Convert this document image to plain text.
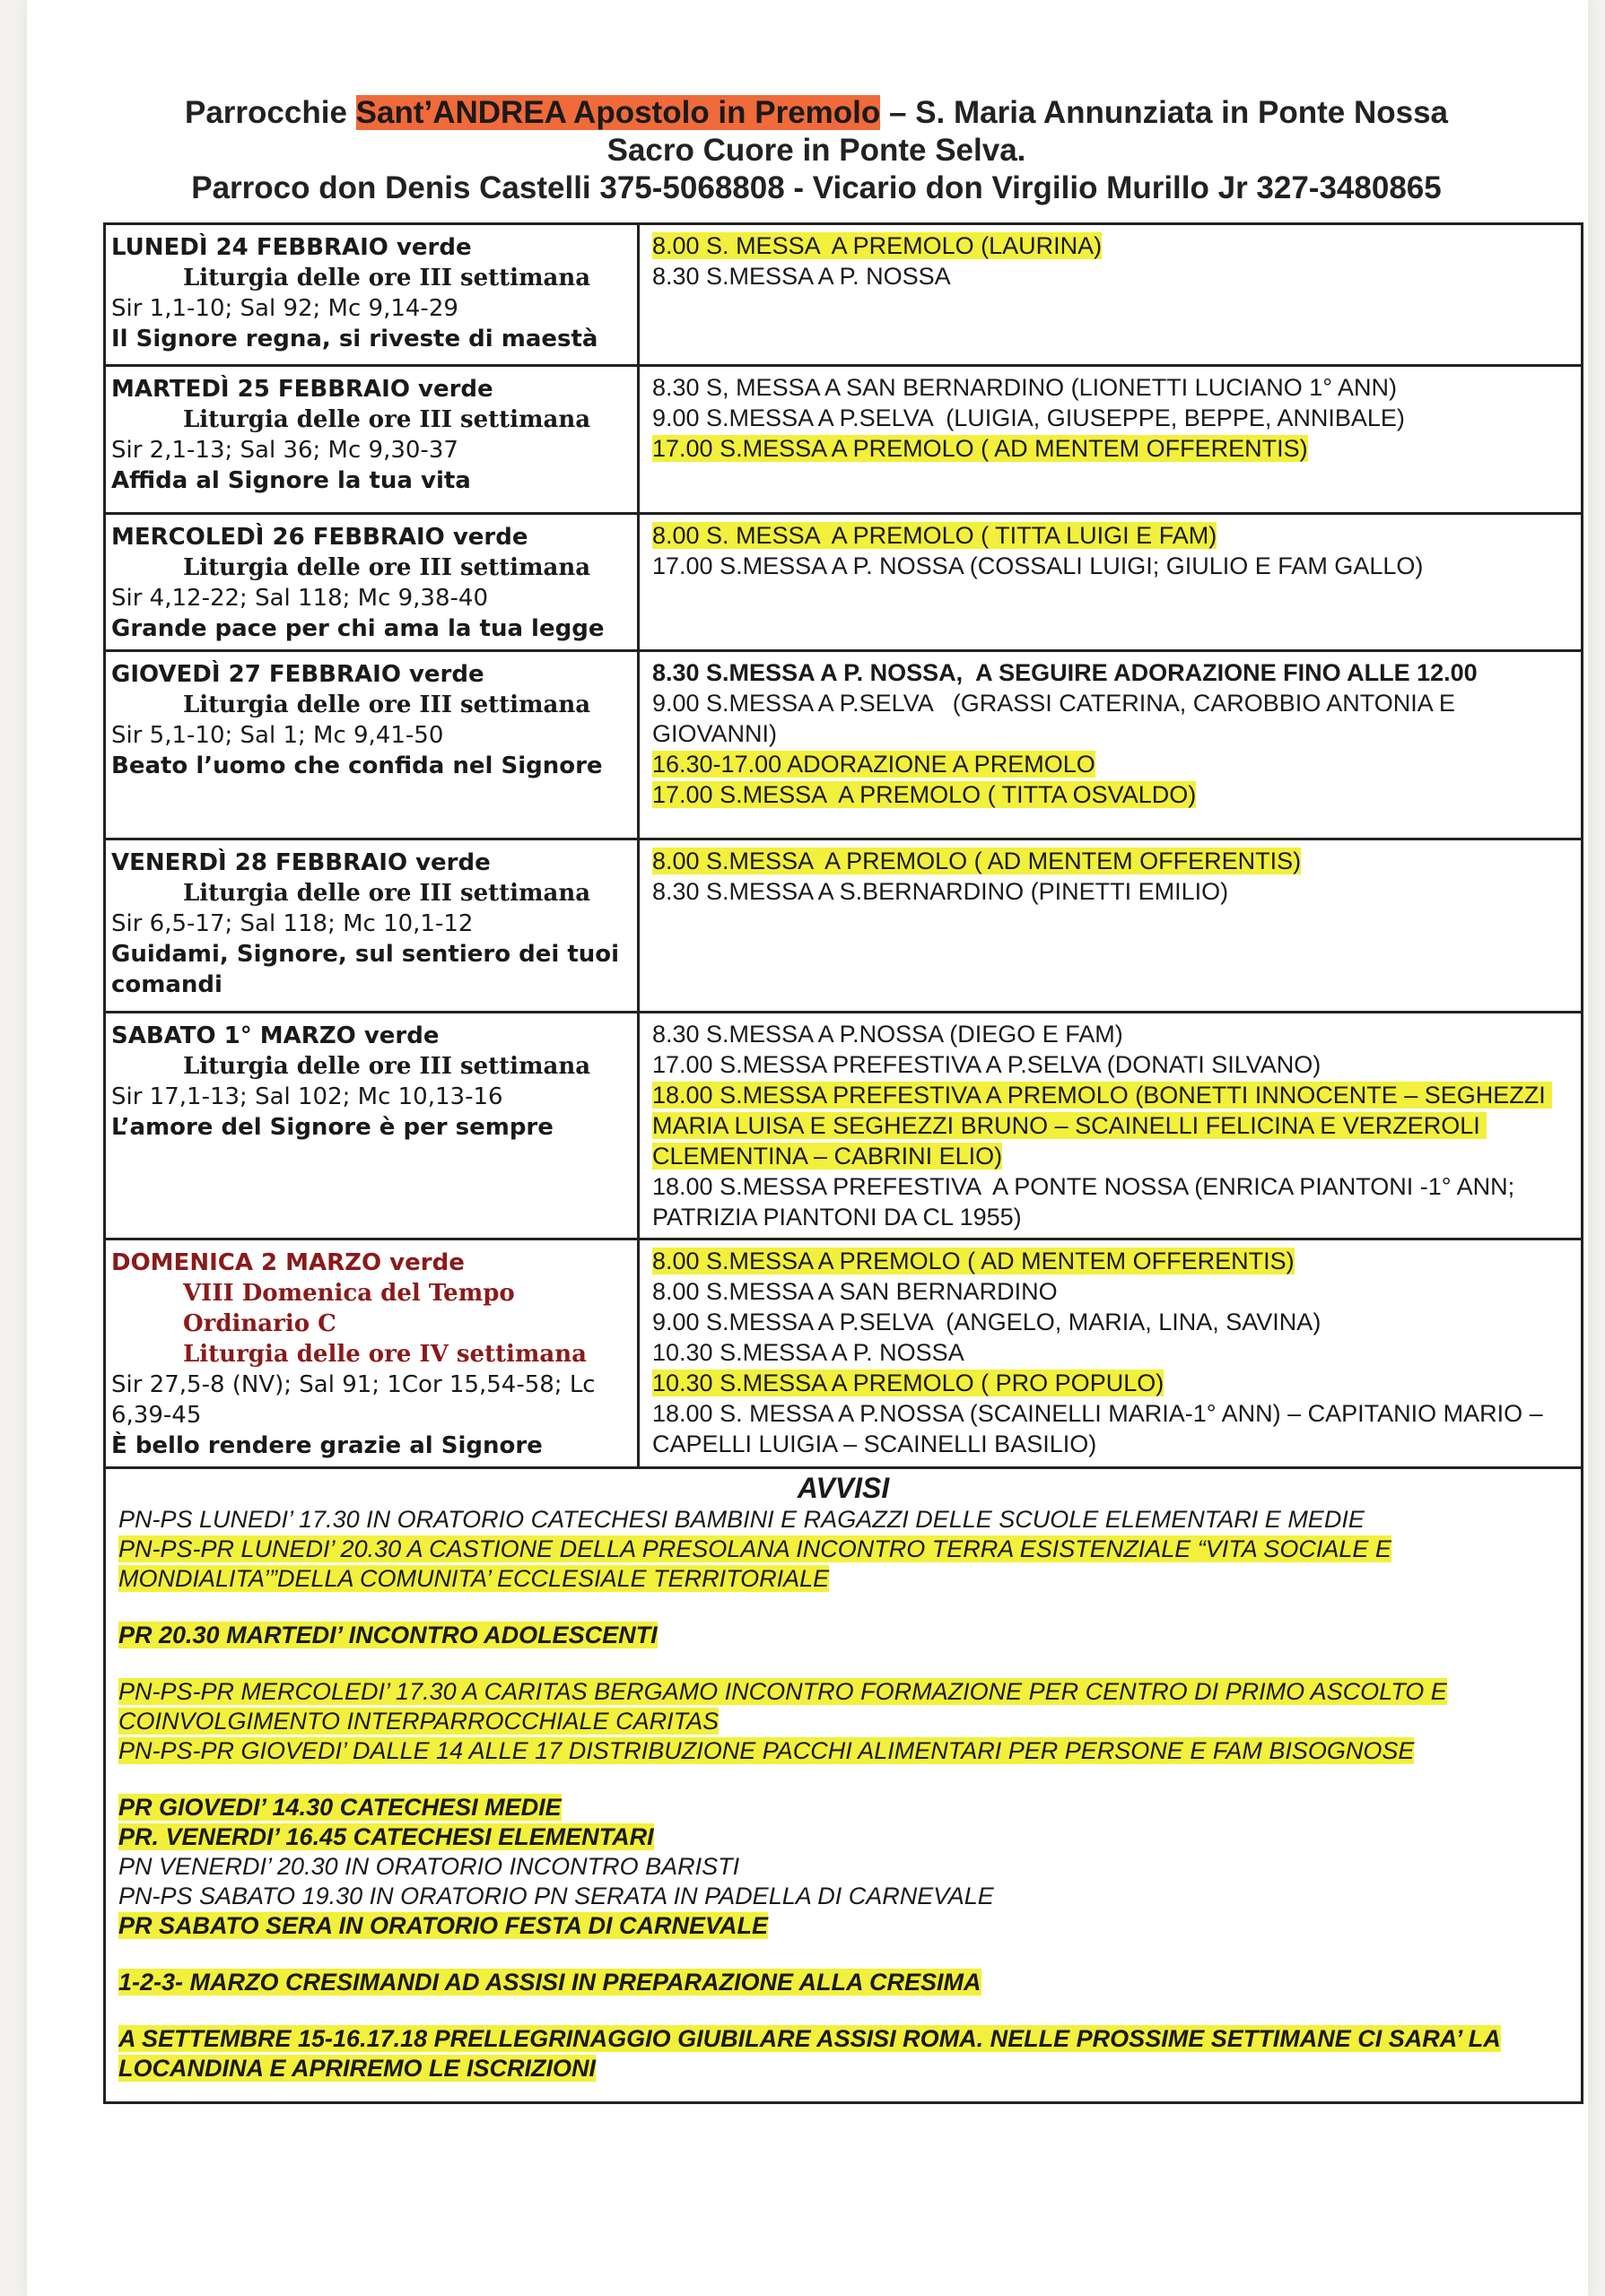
Parrocchie Sant’ANDREA Apostolo in Premolo – S. Maria Annunziata in Ponte Nossa
Sacro Cuore in Ponte Selva.
Parroco don Denis Castelli 375-5068808 - Vicario don Virgilio Murillo Jr 327-3480865
LUNEDÌ 24 FEBBRAIO verde
Liturgia delle ore III settimana
Sir 1,1-10; Sal 92; Mc 9,14-29
Il Signore regna, si riveste di maestà
8.00 S. MESSA  A PREMOLO (LAURINA)
8.30 S.MESSA A P. NOSSA
MARTEDÌ 25 FEBBRAIO verde
Liturgia delle ore III settimana
Sir 2,1-13; Sal 36; Mc 9,30-37
Affida al Signore la tua vita
8.30 S, MESSA A SAN BERNARDINO (LIONETTI LUCIANO 1° ANN)
9.00 S.MESSA A P.SELVA  (LUIGIA, GIUSEPPE, BEPPE, ANNIBALE)
17.00 S.MESSA A PREMOLO ( AD MENTEM OFFERENTIS)
MERCOLEDÌ 26 FEBBRAIO verde
Liturgia delle ore III settimana
Sir 4,12-22; Sal 118; Mc 9,38-40
Grande pace per chi ama la tua legge
8.00 S. MESSA  A PREMOLO ( TITTA LUIGI E FAM)
17.00 S.MESSA A P. NOSSA (COSSALI LUIGI; GIULIO E FAM GALLO)
GIOVEDÌ 27 FEBBRAIO verde
Liturgia delle ore III settimana
Sir 5,1-10; Sal 1; Mc 9,41-50
Beato l’uomo che confida nel Signore
8.30 S.MESSA A P. NOSSA,  A SEGUIRE ADORAZIONE FINO ALLE 12.00
9.00 S.MESSA A P.SELVA   (GRASSI CATERINA, CAROBBIO ANTONIA E GIOVANNI)
16.30-17.00 ADORAZIONE A PREMOLO
17.00 S.MESSA  A PREMOLO ( TITTA OSVALDO)
VENERDÌ 28 FEBBRAIO verde
Liturgia delle ore III settimana
Sir 6,5-17; Sal 118; Mc 10,1-12
Guidami, Signore, sul sentiero dei tuoi comandi
8.00 S.MESSA  A PREMOLO ( AD MENTEM OFFERENTIS)
8.30 S.MESSA A S.BERNARDINO (PINETTI EMILIO)
SABATO 1° MARZO verde
Liturgia delle ore III settimana
Sir 17,1-13; Sal 102; Mc 10,13-16
L’amore del Signore è per sempre
8.30 S.MESSA A P.NOSSA (DIEGO E FAM)
17.00 S.MESSA PREFESTIVA A P.SELVA (DONATI SILVANO)
18.00 S.MESSA PREFESTIVA A PREMOLO (BONETTI INNOCENTE – SEGHEZZI MARIA LUISA E SEGHEZZI BRUNO – SCAINELLI FELICINA E VERZEROLI CLEMENTINA – CABRINI ELIO)
18.00 S.MESSA PREFESTIVA  A PONTE NOSSA (ENRICA PIANTONI -1° ANN; PATRIZIA PIANTONI DA CL 1955)
DOMENICA 2 MARZO verde
VIII Domenica del Tempo Ordinario C
Liturgia delle ore IV settimana
Sir 27,5-8 (NV); Sal 91; 1Cor 15,54-58; Lc 6,39-45
È bello rendere grazie al Signore
8.00 S.MESSA A PREMOLO ( AD MENTEM OFFERENTIS)
8.00 S.MESSA A SAN BERNARDINO
9.00 S.MESSA A P.SELVA  (ANGELO, MARIA, LINA, SAVINA)
10.30 S.MESSA A P. NOSSA
10.30 S.MESSA A PREMOLO ( PRO POPULO)
18.00 S. MESSA A P.NOSSA (SCAINELLI MARIA-1° ANN) – CAPITANIO MARIO – CAPELLI LUIGIA – SCAINELLI BASILIO)
AVVISI
PN-PS LUNEDI’ 17.30 IN ORATORIO CATECHESI BAMBINI E RAGAZZI DELLE SCUOLE ELEMENTARI E MEDIE
PN-PS-PR LUNEDI’ 20.30 A CASTIONE DELLA PRESOLANA INCONTRO TERRA ESISTENZIALE “VITA SOCIALE E MONDIALITA’”DELLA COMUNITA’ ECCLESIALE TERRITORIALE
PR 20.30 MARTEDI’ INCONTRO ADOLESCENTI
PN-PS-PR MERCOLEDI’ 17.30 A CARITAS BERGAMO INCONTRO FORMAZIONE PER CENTRO DI PRIMO ASCOLTO E COINVOLGIMENTO INTERPARROCCHIALE CARITAS
PN-PS-PR GIOVEDI’ DALLE 14 ALLE 17 DISTRIBUZIONE PACCHI ALIMENTARI PER PERSONE E FAM BISOGNOSE
PR GIOVEDI’ 14.30 CATECHESI MEDIE
PR. VENERDI’ 16.45 CATECHESI ELEMENTARI
PN VENERDI’ 20.30 IN ORATORIO INCONTRO BARISTI
PN-PS SABATO 19.30 IN ORATORIO PN SERATA IN PADELLA DI CARNEVALE
PR SABATO SERA IN ORATORIO FESTA DI CARNEVALE
1-2-3- MARZO CRESIMANDI AD ASSISI IN PREPARAZIONE ALLA CRESIMA
A SETTEMBRE 15-16.17.18 PRELLEGRINAGGIO GIUBILARE ASSISI ROMA. NELLE PROSSIME SETTIMANE CI SARA’ LA LOCANDINA E APRIREMO LE ISCRIZIONI
